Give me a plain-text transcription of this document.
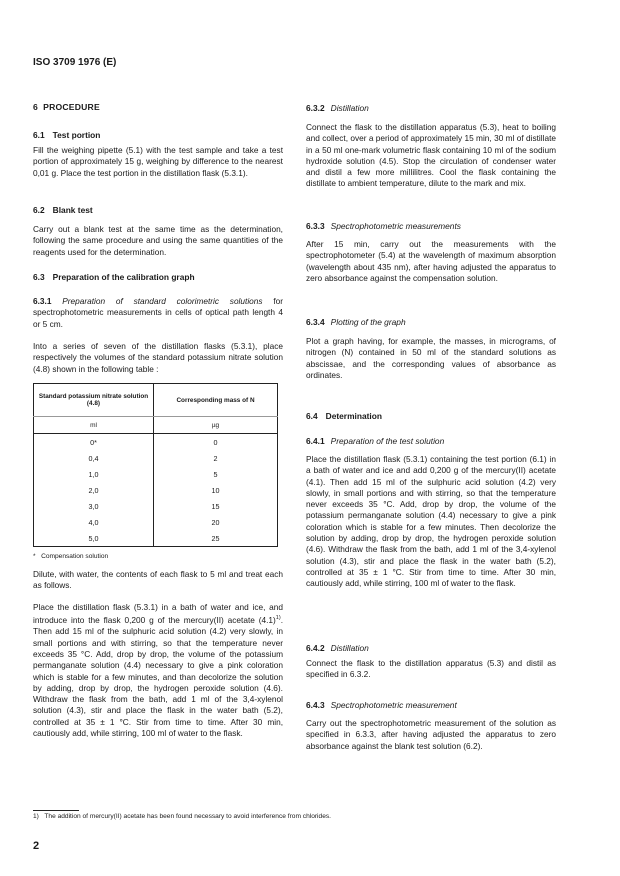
ISO 3709 1976 (E)
6 PROCEDURE
6.1 Test portion
Fill the weighing pipette (5.1) with the test sample and take a test portion of approximately 15 g, weighing by difference to the nearest 0,01 g. Place the test portion in the distillation flask (5.3.1).
6.2 Blank test
Carry out a blank test at the same time as the determination, following the same procedure and using the same quantities of the reagents used for the determination.
6.3 Preparation of the calibration graph
6.3.1 Preparation of standard colorimetric solutions for spectrophotometric measurements in cells of optical path length 4 or 5 cm.
Into a series of seven of the distillation flasks (5.3.1), place respectively the volumes of the standard potassium nitrate solution (4.8) shown in the following table :
Standard potassium nitrate solution (4.8)	Corresponding mass of N
ml	µg
0*	0
0,4	2
1,0	5
2,0	10
3,0	15
4,0	20
5,0	25
* Compensation solution
Dilute, with water, the contents of each flask to 5 ml and treat each as follows.
Place the distillation flask (5.3.1) in a bath of water and ice, and introduce into the flask 0,200 g of the mercury(II) acetate $(4.1)^{1)}$. Then add 15 ml of the sulphuric acid solution (4.2) very slowly, in small portions and with stirring, so that the temperature never exceeds 35 °C. Add, drop by drop, the volume of the potassium permanganate solution (4.4) necessary to give a pink coloration which is stable for a few minutes, and than decolorize the solution by adding, drop by drop, the hydrogen peroxide solution (4.6). Withdraw the flask from the bath, add 1 ml of the 3,4-xylenol solution (4.3), stir and place the flask in the water bath (5.2), controlled at 35 ± 1 °C. Stir from time to time. After 30 min, cautiously add, while stirring, 100 ml of water to the flask.
6.3.2 Distillation
Connect the flask to the distillation apparatus (5.3), heat to boiling and collect, over a period of approximately 15 min, 30 ml of distillate in a 50 ml one-mark volumetric flask containing 10 ml of the sodium hydroxide solution (4.5). Stop the circulation of condenser water and distil a few more millilitres. Cool the flask containing the distillate to ambient temperature, dilute to the mark and mix.
6.3.3 Spectrophotometric measurements
After 15 min, carry out the measurements with the spectrophotometer (5.4) at the wavelength of maximum absorption (wavelength about 435 nm), after having adjusted the apparatus to zero absorbance against the compensation solution.
6.3.4 Plotting of the graph
Plot a graph having, for example, the masses, in micrograms, of nitrogen (N) contained in 50 ml of the standard solutions as abscissae, and the corresponding values of absorbance as ordinates.
6.4 Determination
6.4.1 Preparation of the test solution
Place the distillation flask (5.3.1) containing the test portion (6.1) in a bath of water and ice and add 0,200 g of the mercury(II) acetate (4.1). Then add 15 ml of the sulphuric acid solution (4.2) very slowly, in small portions and with stirring, so that the temperature never exceeds 35 °C. Add, drop by drop, the volume of the potassium permanganate solution (4.4) necessary to give a pink coloration which is stable for a few minutes. Then decolorize the solution by adding, drop by drop, the hydrogen peroxide solution (4.6). Withdraw the flask from the bath, add 1 ml of the 3,4-xylenol solution (4.3), stir and place the flask in the water bath (5.2), controlled at 35 ± 1 °C. Stir from time to time. After 30 min, cautiously add, while stirring, 100 ml of water to the flask.
6.4.2 Distillation
Connect the flask to the distillation apparatus (5.3) and distil as specified in 6.3.2.
6.4.3 Spectrophotometric measurement
Carry out the spectrophotometric measurement of the solution as specified in 6.3.3, after having adjusted the apparatus to zero absorbance against the blank test solution (6.2).
1) The addition of mercury(II) acetate has been found necessary to avoid interference from chlorides.
2
